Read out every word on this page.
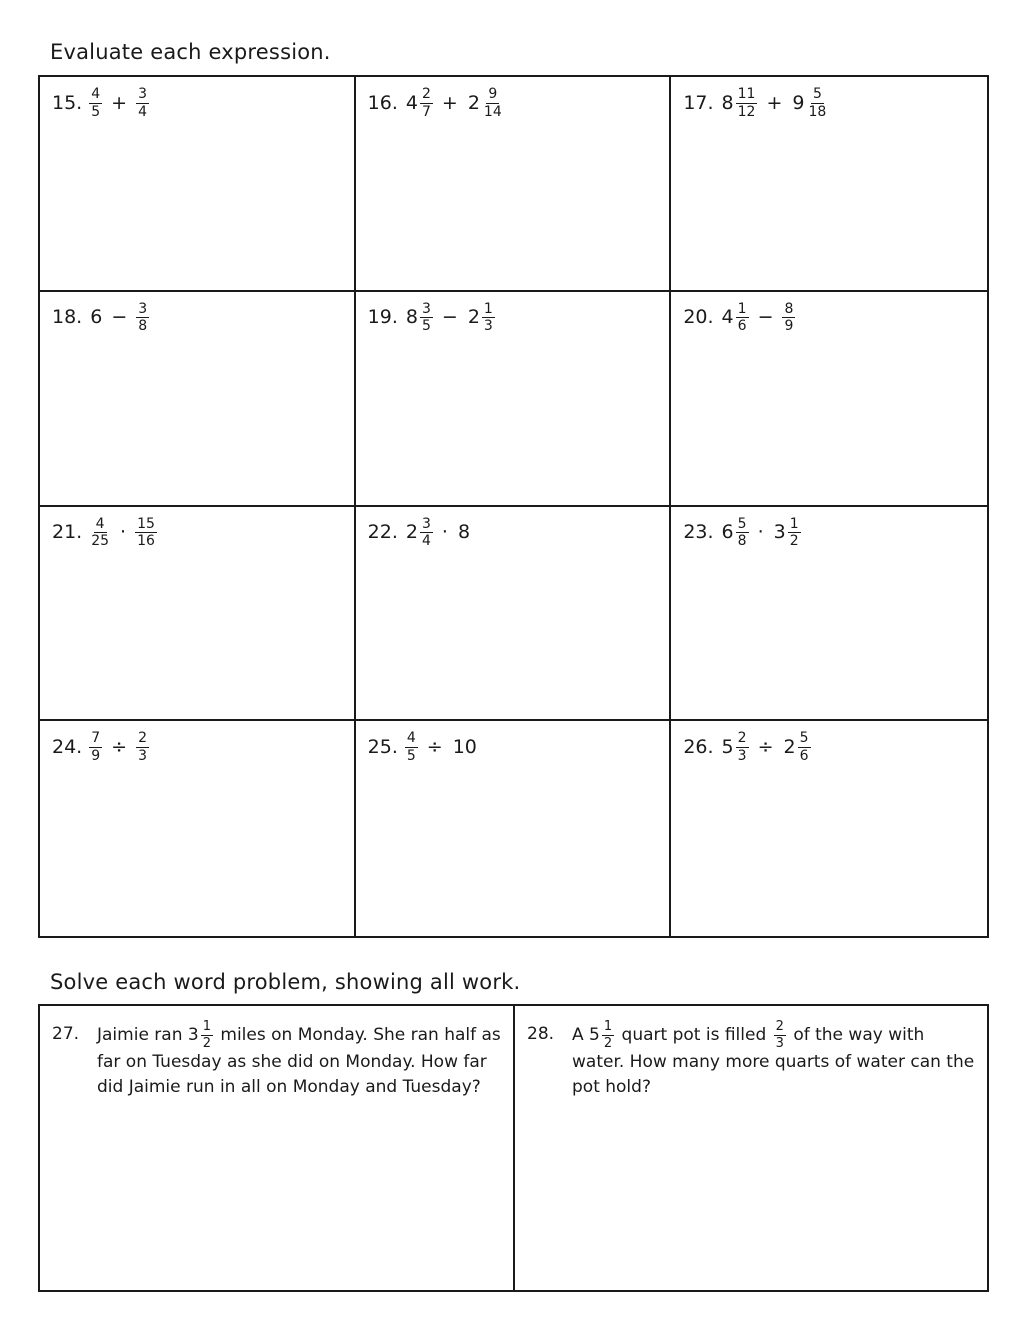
Evaluate each expression.
15. $\frac{4}{5} + \frac{3}{4}$	16. $4 \frac{2}{7} + 2 \frac{9}{14}$	17. $8 \frac{11}{12} + 9 \frac{5}{18}$
18. $6 - \frac{3}{8}$	19. $8 \frac{3}{5} - 2 \frac{1}{3}$	20. $4 \frac{1}{6} - \frac{8}{9}$
21. $\frac{4}{25} \cdot \frac{15}{16}$	22. $2 \frac{3}{4} \cdot 8$	23. $6 \frac{5}{8} \cdot 3 \frac{1}{2}$
24. $\frac{7}{9} \div \frac{2}{3}$	25. $\frac{4}{5} \div 10$	26. $5 \frac{2}{3} \div 2 \frac{5}{6}$
Solve each word problem, showing all work.
27.	Jaimie ran $3 \frac{1}{2}$ miles on Monday. She ran half as far on Tuesday as she did on Monday. How far did Jaimie run in all on Monday and Tuesday?
28.	A $5 \frac{1}{2}$ quart pot is filled $\frac{2}{3}$ of the way with water. How many more quarts of water can the pot hold?
